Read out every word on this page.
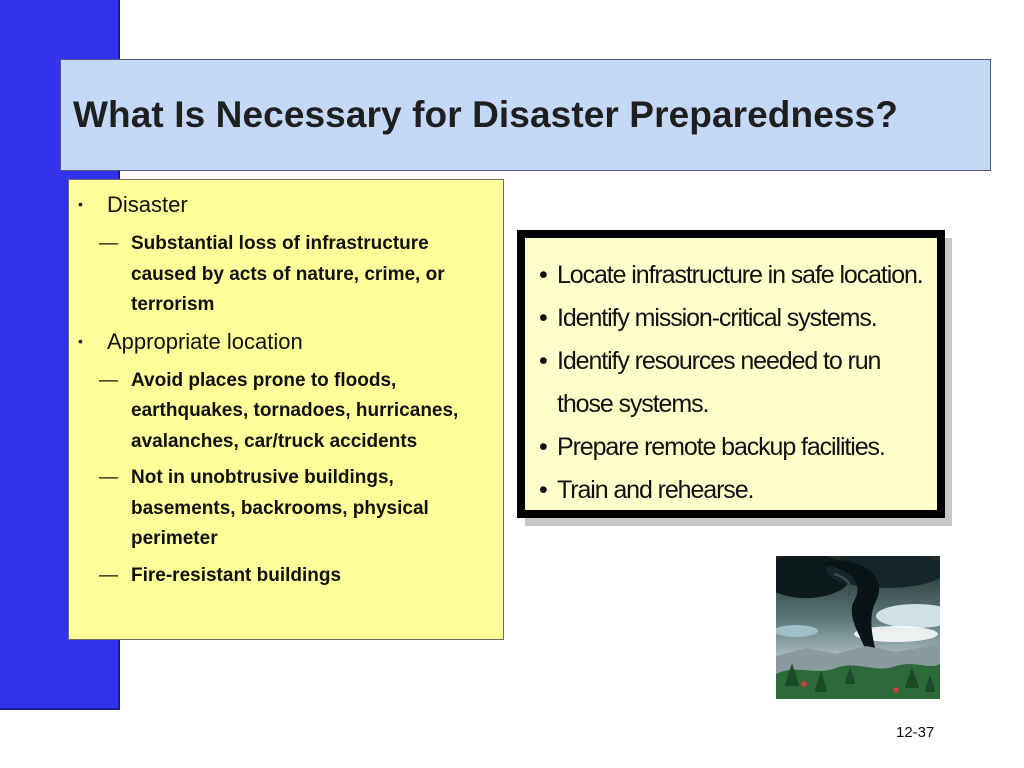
What Is Necessary for Disaster Preparedness?
• Disaster
— Substantial loss of infrastructure caused by acts of nature, crime, or terrorism
• Appropriate location
— Avoid places prone to floods, earthquakes, tornadoes, hurricanes, avalanches, car/truck accidents
— Not in unobtrusive buildings, basements, backrooms, physical perimeter
— Fire-resistant buildings
• Locate infrastructure in safe location.
• Identify mission-critical systems.
• Identify resources needed to run those systems.
• Prepare remote backup facilities.
• Train and rehearse.
12-37
